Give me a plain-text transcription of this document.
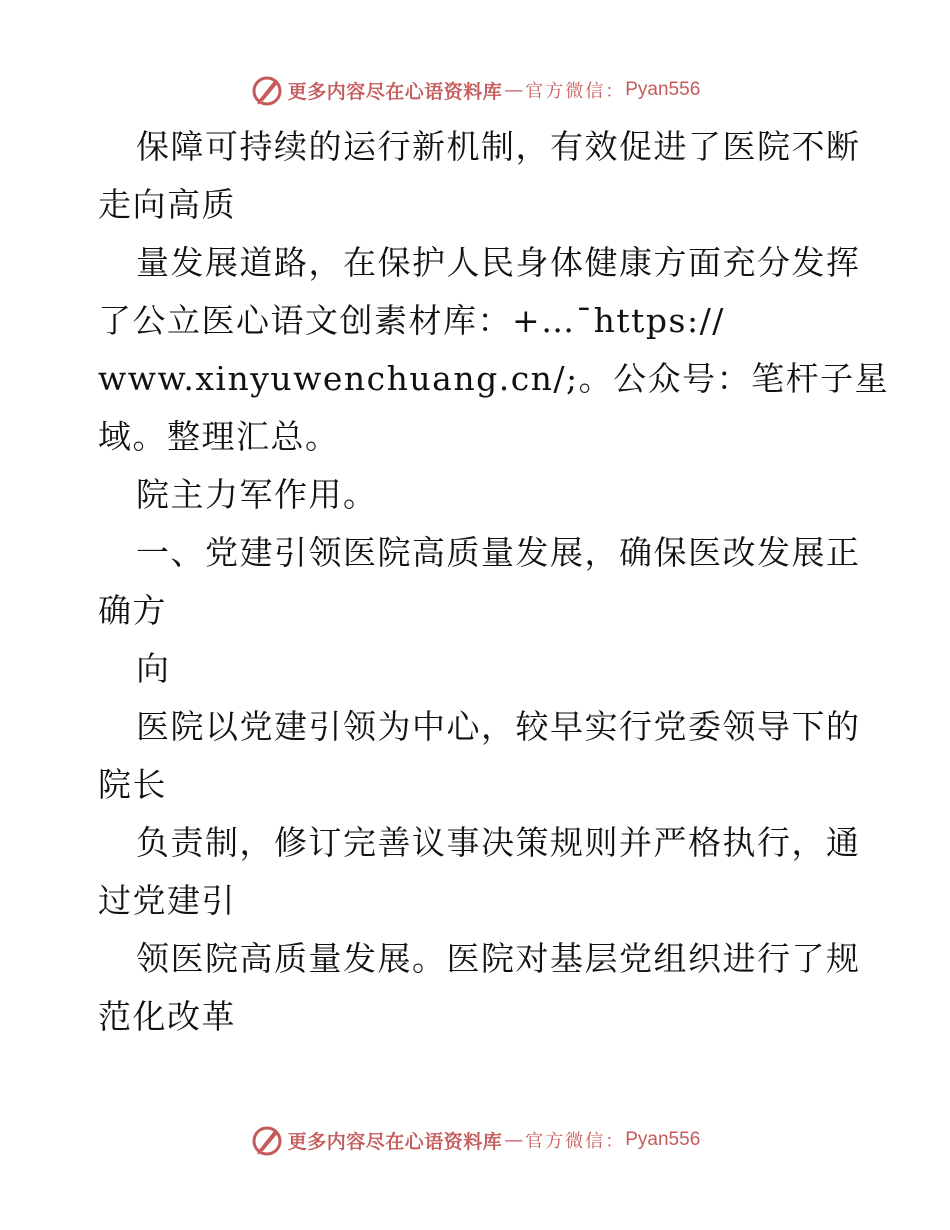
更多内容尽在心语资料库 — 官方微信： Pyan556
保障可持续的运行新机制，有效促进了医院不断
走向高质
量发展道路，在保护人民身体健康方面充分发挥
了公立医心语文创素材库：+…¯https://
www.xinyuwenchuang.cn/;。公众号：笔杆子星
域。整理汇总。
院主力军作用。
一、党建引领医院高质量发展，确保医改发展正
确方
向
医院以党建引领为中心，较早实行党委领导下的
院长
负责制，修订完善议事决策规则并严格执行，通
过党建引
领医院高质量发展。医院对基层党组织进行了规
范化改革
更多内容尽在心语资料库 — 官方微信： Pyan556
